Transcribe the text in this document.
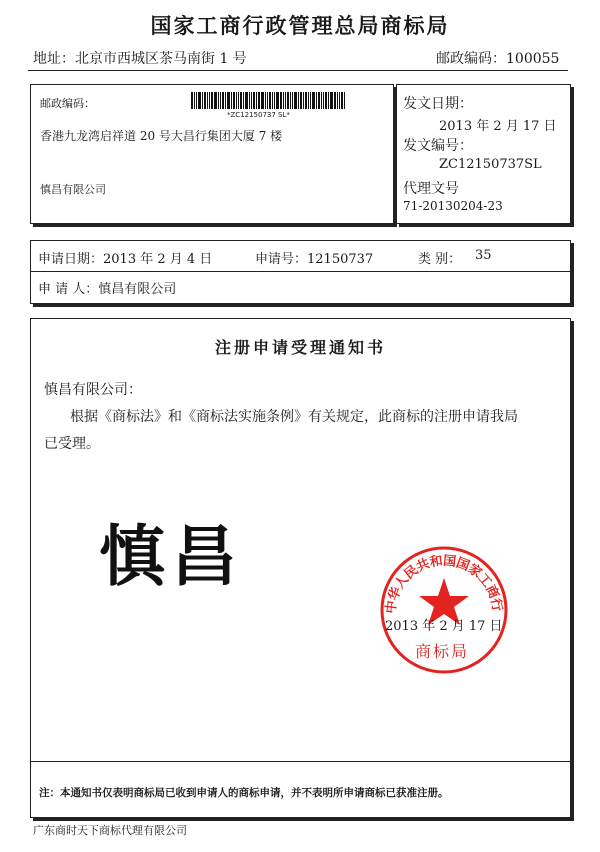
国家工商行政管理总局商标局
地址：北京市西城区茶马南街 1 号	邮政编码：100055
邮政编码：
*ZC12150737 SL*
香港九龙湾启祥道 20 号大昌行集团大厦 7 楼
慎昌有限公司
发文日期：
2013 年 2 月 17 日
发文编号：
ZC12150737SL
代理文号
71-20130204-23
申请日期：2013 年 2 月 4 日	申请号：12150737	类 别： 35
申 请 人：慎昌有限公司
注册申请受理通知书
慎昌有限公司：
根据《商标法》和《商标法实施条例》有关规定，此商标的注册申请我局
已受理。
慎昌
中华人民共和国国家工商行
2013 年 2 月 17 日
商标局
注：本通知书仅表明商标局已收到申请人的商标申请，并不表明所申请商标已获准注册。
广东商时天下商标代理有限公司
